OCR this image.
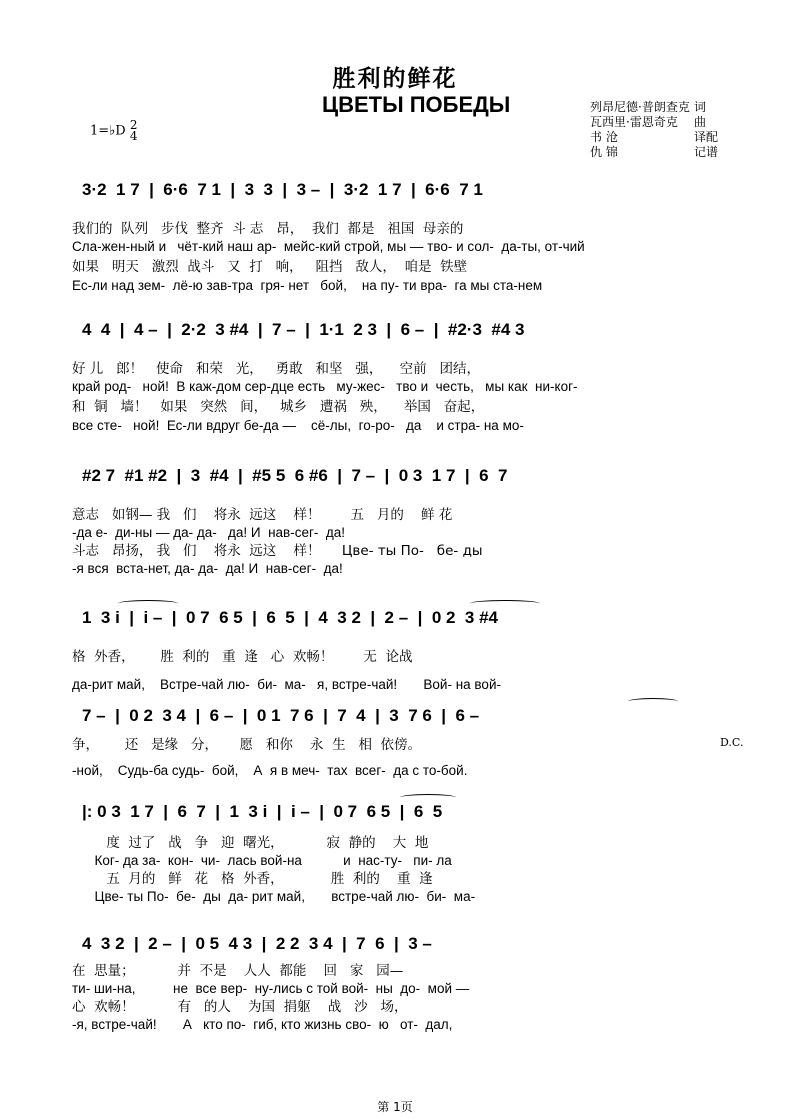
胜利的鲜花
ЦВЕТЫ ПОБЕДЫ
1=♭D 2
4
列昂尼德·普朗查克 词
瓦西里·雷恩奇克 曲
书 沧	译配
仇 锦	记谱
3·2  1 7  |  6·6  7 1  |  3  3  |  3 –  |  3·2  1 7  |  6·6  7 1
我们的  队列   步伐  整齐  斗 志   昂，  我们  都是   祖国  母亲的
Сла-жен-ный и   чёт-кий наш ар-  мейс-кий строй, мы — тво- и сол-  да-ты, от-чий
如果   明天   激烈  战斗   又  打   响，   阻挡   敌人，  咱是  铁壁
Ес-ли над зем-  лё-ю зав-тра  гря- нет   бой,    на пу- ти вра-  га мы ста-нем
4  4  |  4 –  |  2·2  3 #4  |  7 –  |  1·1  2 3  |  6 –  |  #2·3  #4 3
好 儿   郎！   使命   和荣   光，   勇敢   和坚   强，    空前   团结，
край род-   ной!  В каж-дом сер-дце есть   му-жес-   тво и  честь,   мы как  ни-ког-
和  铜   墙！   如果   突然   间，   城乡   遭祸   殃，    举国   奋起，
все сте-   ной!  Ес-ли вдруг бе-да —    сё-лы,  го-ро-   да    и стра- на мо-
#2 7  #1 #2  |  3  #4  |  #5 5  6 #6  |  7 –  |  0 3  1 7  |  6  7
意志   如钢— 我   们    将永  远这    样！       五   月的    鲜 花
-да е-  ди-ны — да- да-   да! И  нав-сег-  да!
斗志   昂扬， 我   们    将永  远这    样！     Цве- ты По-   бе- ды
-я вся  вста-нет, да- да-  да! И  нав-сег-  да!
1  3 i  |  i –  |  0 7  6 5  |  6  5  |  4  3 2  |  2 –  |  0 2  3 #4
格  外香，      胜  利的   重  逢   心  欢畅！       无  论战
да-рит май,    Встре-чай лю-  би-  ма-   я, встре-чай!       Вой- на вой-
7 –  |  0 2  3 4  |  6 –  |  0 1  7 6  |  7  4  |  3  7 6  |  6 –
D.C.
争，      还   是缘   分，     愿   和你    永  生   相  依傍。
-ной,    Судь-ба судь-  бой,    А  я в меч-  тах  всег-  да с то-бой.
|: 0 3  1 7  |  6  7  |  1  3 i  |  i –  |  0 7  6 5  |  6  5
度  过了   战   争   迎  曙光，          寂  静的    大  地
Ког- да за-  кон-  чи-  лась вой-на           и  нас-ту-   пи- ла
五  月的   鲜   花   格  外香，           胜  利的    重  逢
Цве- ты По-  бе-  ды  да- рит май,       встре-чай лю-  би-  ма-
4  3 2  |  2 –  |  0 5  4 3  |  2 2  3 4  |  7  6  |  3 –
在  思量；          并  不是    人人  都能    回   家   园—
ти- ши-на,          не  все вер-  ну-лись с той вой-  ны  до-  мой —
心  欢畅！          有   的人    为国  捐躯    战   沙   场，
-я, встре-чай!       А   кто по-  гиб, кто жизнь сво-  ю   от-  дал,
第 1页
